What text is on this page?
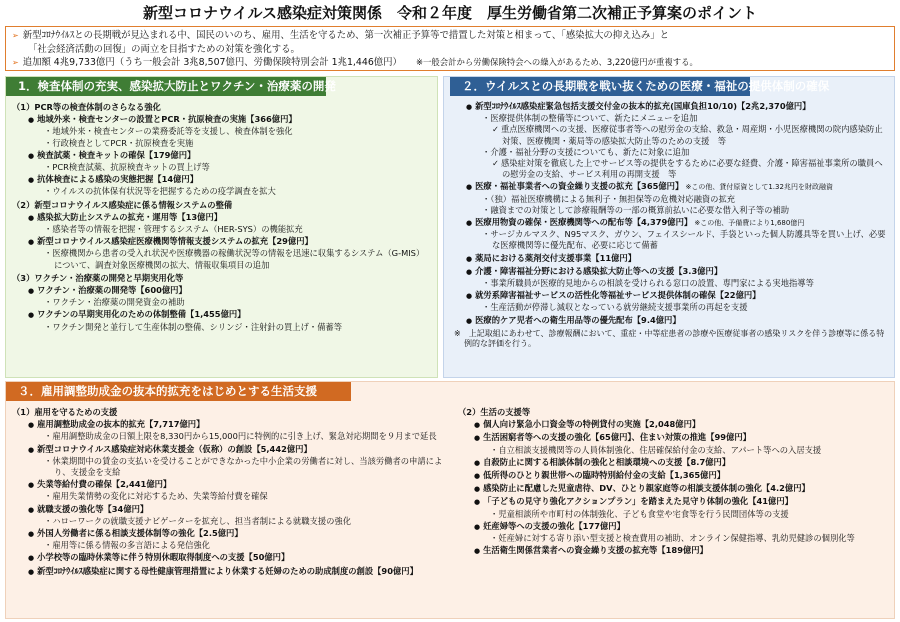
新型コロナウイルス感染症対策関係　令和２年度　厚生労働省第二次補正予算案のポイント
➢ 新型ｺﾛﾅｳｲﾙｽとの長期戦が見込まれる中、国民のいのち、雇用、生活を守るため、第一次補正予算等で措置した対策と相まって、「感染拡大の抑え込み」と
「社会経済活動の回復」の両立を目指すための対策を強化する。
➢ 追加額 4兆9,733億円（うち一般会計 3兆8,507億円、労働保険特別会計 1兆1,446億円） ※一般会計から労働保険特会への繰入があるため、3,220億円が重複する。
1．検査体制の充実、感染拡大防止とワクチン・治療薬の開発
（1）PCR等の検査体制のさらなる強化
● 地域外来・検査センターの設置とPCR・抗原検査の実施【366億円】
・ 地域外来・検査センターの業務委託等を支援し、検査体制を強化
・ 行政検査としてPCR・抗原検査を実施
● 検査試薬・検査キットの確保【179億円】
・ PCR検査試薬、抗原検査キットの買上げ等
● 抗体検査による感染の実態把握【14億円】
・ ウイルスの抗体保有状況等を把握するための疫学調査を拡大
（2）新型コロナウイルス感染症に係る情報システムの整備
● 感染拡大防止システムの拡充・運用等【13億円】
・ 感染者等の情報を把握・管理するシステム（HER-SYS）の機能拡充
● 新型コロナウイルス感染症医療機関等情報支援システムの拡充【29億円】
・ 医療機関から患者の受入れ状況や医療機器の稼働状況等の情報を迅速に収集するシステム（G-MIS）について、調査対象医療機関の拡大、情報収集項目の追加
（3）ワクチン・治療薬の開発と早期実用化等
● ワクチン・治療薬の開発等【600億円】
・ ワクチン・治療薬の開発資金の補助
● ワクチンの早期実用化のための体制整備【1,455億円】
・ ワクチン開発と並行して生産体制の整備、シリンジ・注射針の買上げ・備蓄等
２．ウイルスとの長期戦を戦い抜くための医療・福祉の提供体制の確保
● 新型ｺﾛﾅｳｲﾙｽ感染症緊急包括支援交付金の抜本的拡充(国庫負担10/10)【2兆2,370億円】
・ 医療提供体制の整備等について、新たにメニューを追加
✓ 重点医療機関への支援、医療従事者等への慰労金の支給、救急・周産期・小児医療機関の院内感染防止対策、医療機関・薬局等の感染拡大防止等のための支援　等
・ 介護・福祉分野の支援についても、新たに対象に追加
✓ 感染症対策を徹底した上でサービス等の提供をするために必要な経費、介護・障害福祉事業所の職員への慰労金の支給、サービス利用の再開支援　等
● 医療・福祉事業者への資金繰り支援の拡充【365億円】 ※この他、貸付原資として1.32兆円を財政融資
・ （独）福祉医療機構による無利子・無担保等の危機対応融資の拡充
・ 融資までの対策として診療報酬等の一部の概算前払いに必要な借入利子等の補助
● 医療用物資の確保・医療機関等への配布等【4,379億円】 ※この他、予備費により1,680億円
・ サージカルマスク、N95マスク、ガウン、フェイスシールド、手袋といった個人防護具等を買い上げ、必要な医療機関等に優先配布、必要に応じて備蓄
● 薬局における薬剤交付支援事業【11億円】
● 介護・障害福祉分野における感染拡大防止等への支援【3.3億円】
・ 事業所職員が医療的見地からの相談を受けられる窓口の設置、専門家による実地指導等
● 就労系障害福祉サービスの活性化等福祉サービス提供体制の確保【22億円】
・ 生産活動が停滞し減収となっている就労継続支援事業所の再起を支援
● 医療的ケア児者への衛生用品等の優先配布【9.4億円】
※　上記取組にあわせて、診療報酬において、重症・中等症患者の診療や医療従事者の感染リスクを伴う診療等に係る特例的な評価を行う。
３．雇用調整助成金の抜本的拡充をはじめとする生活支援
（1）雇用を守るための支援
● 雇用調整助成金の抜本的拡充【7,717億円】
・ 雇用調整助成金の日額上限を8,330円から15,000円に特例的に引き上げ、緊急対応期間を９月まで延長
● 新型コロナウイルス感染症対応休業支援金（仮称）の創設【5,442億円】
・ 休業期間中の賃金の支払いを受けることができなかった中小企業の労働者に対し、当該労働者の申請により、支援金を支給
● 失業等給付費の確保【2,441億円】
・ 雇用失業情勢の変化に対応するため、失業等給付費を確保
● 就職支援の強化等【34億円】
・ ハローワークの就職支援ナビゲーターを拡充し、担当者制による就職支援の強化
● 外国人労働者に係る相談支援体制等の強化【2.5億円】
・ 雇用等に係る情報の多言語による発信強化
● 小学校等の臨時休業等に伴う特別休暇取得制度への支援【50億円】
● 新型ｺﾛﾅｳｲﾙｽ感染症に関する母性健康管理措置により休業する妊婦のための助成制度の創設【90億円】
（2）生活の支援等
● 個人向け緊急小口資金等の特例貸付の実施【2,048億円】
● 生活困窮者等への支援の強化【65億円】、住まい対策の推進【99億円】
・ 自立相談支援機関等の人員体制強化、住居確保給付金の支給、アパート等への入居支援
● 自殺防止に関する相談体制の強化と相談環境への支援【8.7億円】
● 低所得のひとり親世帯への臨時特別給付金の支給【1,365億円】
● 感染防止に配慮した児童虐待、DV、ひとり親家庭等の相談支援体制の強化【4.2億円】
● 「子どもの見守り強化アクションプラン」を踏まえた見守り体制の強化【41億円】
・ 児童相談所や市町村の体制強化、子ども食堂や宅食等を行う民間団体等の支援
● 妊産婦等への支援の強化【177億円】
・ 妊産婦に対する寄り添い型支援と検査費用の補助、オンライン保健指導、乳幼児健診の個別化等
● 生活衛生関係営業者への資金繰り支援の拡充等【189億円】
